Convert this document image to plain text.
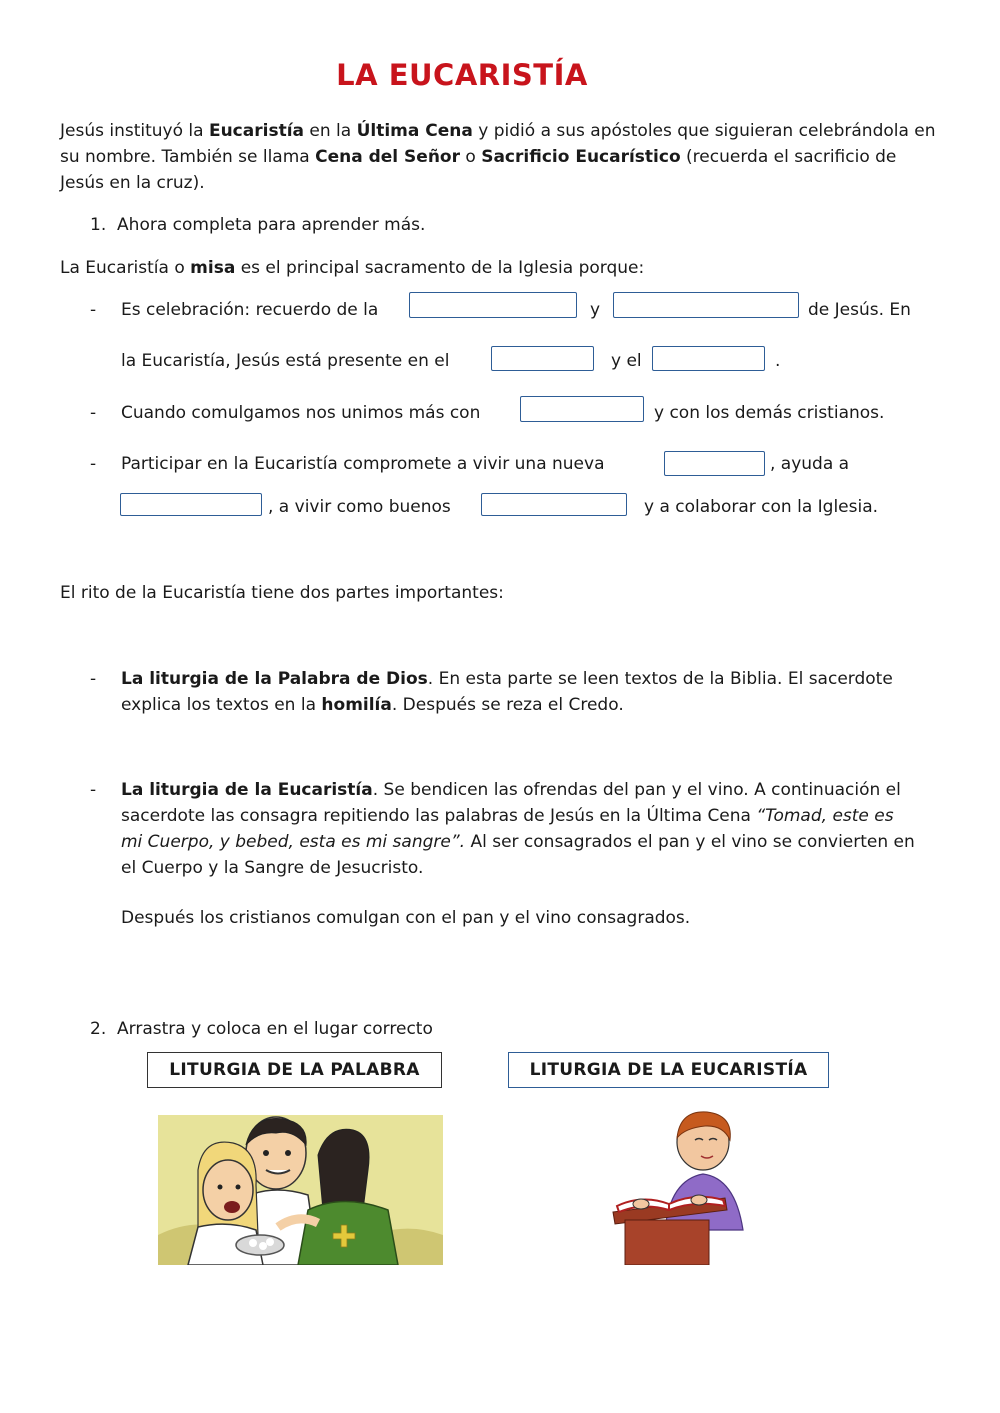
LA EUCARISTÍA
Jesús instituyó la Eucaristía en la Última Cena y pidió a sus apóstoles que siguieran celebrándola en su nombre. También se llama Cena del Señor o Sacrificio Eucarístico (recuerda el sacrificio de Jesús en la cruz).
1. Ahora completa para aprender más.
La Eucaristía o misa es el principal sacramento de la Iglesia porque:
- Es celebración: recuerdo de la	y	de Jesús. En
la Eucaristía, Jesús está presente en el	y el	.
- Cuando comulgamos nos unimos más con	y con los demás cristianos.
- Participar en la Eucaristía compromete a vivir una nueva	, ayuda a
, a vivir como buenos	y a colaborar con la Iglesia.
El rito de la Eucaristía tiene dos partes importantes:
- La liturgia de la Palabra de Dios. En esta parte se leen textos de la Biblia. El sacerdote explica los textos en la homilía. Después se reza el Credo.
- La liturgia de la Eucaristía. Se bendicen las ofrendas del pan y el vino. A continuación el sacerdote las consagra repitiendo las palabras de Jesús en la Última Cena “Tomad, este es mi Cuerpo, y bebed, esta es mi sangre”. Al ser consagrados el pan y el vino se convierten en el Cuerpo y la Sangre de Jesucristo.
Después los cristianos comulgan con el pan y el vino consagrados.
2. Arrastra y coloca en el lugar correcto
LITURGIA DE LA PALABRA	LITURGIA DE LA EUCARISTÍA
